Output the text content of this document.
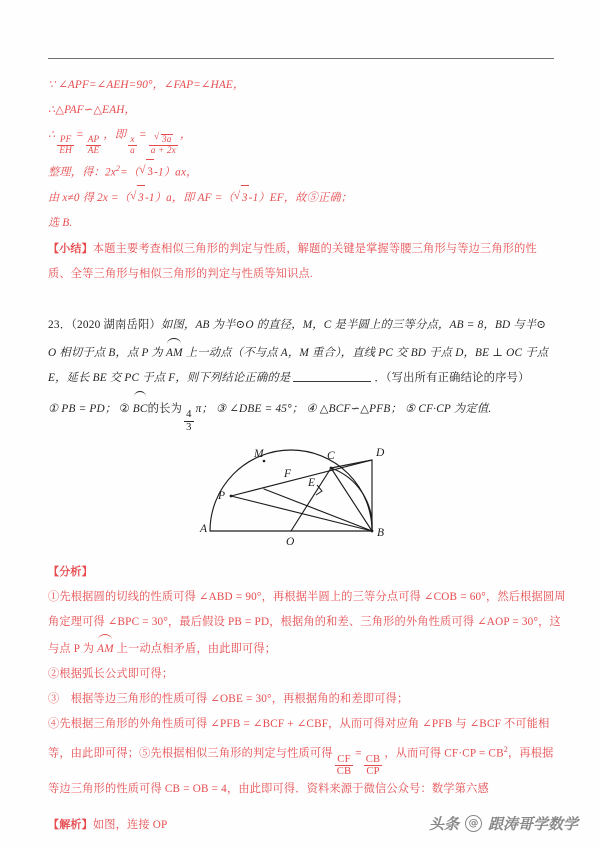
∵ ∠APF=∠AEH=90°，∠FAP=∠HAE，
∴△PAF∽△EAH，
∴
$\frac{PF}{EH}$
=
$\frac{AP}{AE}$
，即
$\frac{x}{a}$
= √ $\frac{3a}{a + 2x}$ ，
整理，得：$2x^2=$（ √ 3-1）ax，
由 x≠0 得 2x =（ √ 3-1）a，即 AF =（ √ 3-1）EF，故⑤正确；
选 B.
【小结】本题主要考查相似三角形的判定与性质，解题的关键是掌握等腰三角形与等边三角形的性质、全等三角形与相似三角形的判定与性质等知识点.
23．（2020 湖南岳阳）如图，AB 为半⊙O 的直径，M，C 是半圆上的三等分点，AB = 8，BD 与半⊙
O 相切于点 B，点 P 为 AM 上一动点（不与点 A，M 重合），直线 PC 交 BD 于点 D，BE ⊥ OC 于点
E，延长 BE 交 PC 于点 F，则下列结论正确的是	．（写出所有正确结论的序号）
① PB = PD； ② BC的长为
$\frac{4}{3}$
π； ③ ∠DBE = 45°； ④ △BCF∽△PFB； ⑤ CF·CP 为定值.
M
F
C	D
P
E
A
O
B
【分析】
①先根据圆的切线的性质可得 ∠ABD = 90°，再根据半圆上的三等分点可得 ∠COB = 60°，然后根据圆周
角定理可得 ∠BPC = 30°，最后假设 PB = PD，根据角的和差、三角形的外角性质可得 ∠AOP = 30°，这
与点 P 为 AM 上一动点相矛盾，由此即可得；
②根据弧长公式即可得；
③　根据等边三角形的性质可得 ∠OBE = 30°，再根据角的和差即可得；
④先根据三角形的外角性质可得 ∠PFB = ∠BCF + ∠CBF，从而可得对应角 ∠PFB 与 ∠BCF 不可能相
等，由此即可得；⑤先根据相似三角形的判定与性质可得
$\frac{CF}{CB}$
=
$\frac{CB}{CP}$
，从而可得 $CF\cdot CP = CB^2$，再根据
等边三角形的性质可得 CB = OB = 4，由此即可得．资料来源于微信公众号：数学第六感
【解析】如图，连接 OP	头条 @ 跟涛哥学数学
